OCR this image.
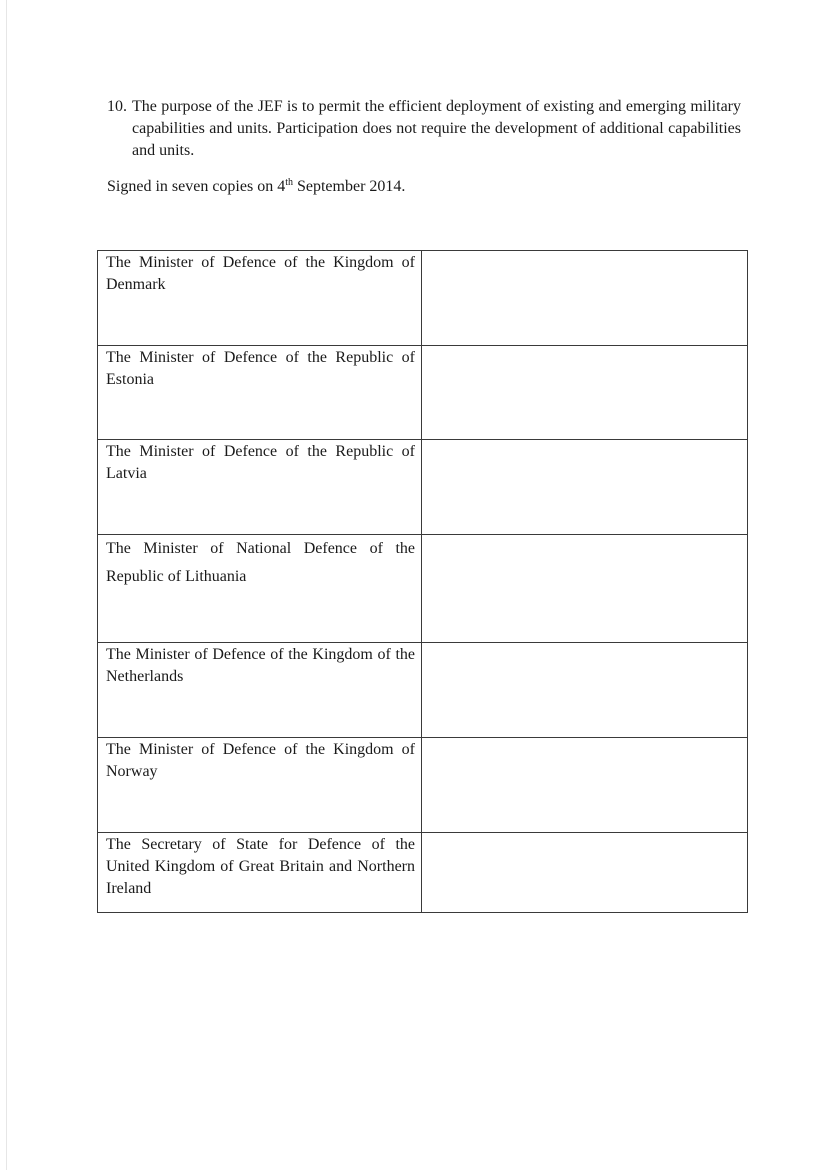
10. The purpose of the JEF is to permit the efficient deployment of existing and emerging military capabilities and units. Participation does not require the development of additional capabilities and units.
Signed in seven copies on 4th September 2014.
The Minister of Defence of the Kingdom of Denmark	

The Minister of Defence of the Republic of Estonia	

The Minister of Defence of the Republic of Latvia	

The Minister of National Defence of the Republic of Lithuania	

The Minister of Defence of the Kingdom of the Netherlands	

The Minister of Defence of the Kingdom of Norway	

The Secretary of State for Defence of the United Kingdom of Great Britain and Northern Ireland	
